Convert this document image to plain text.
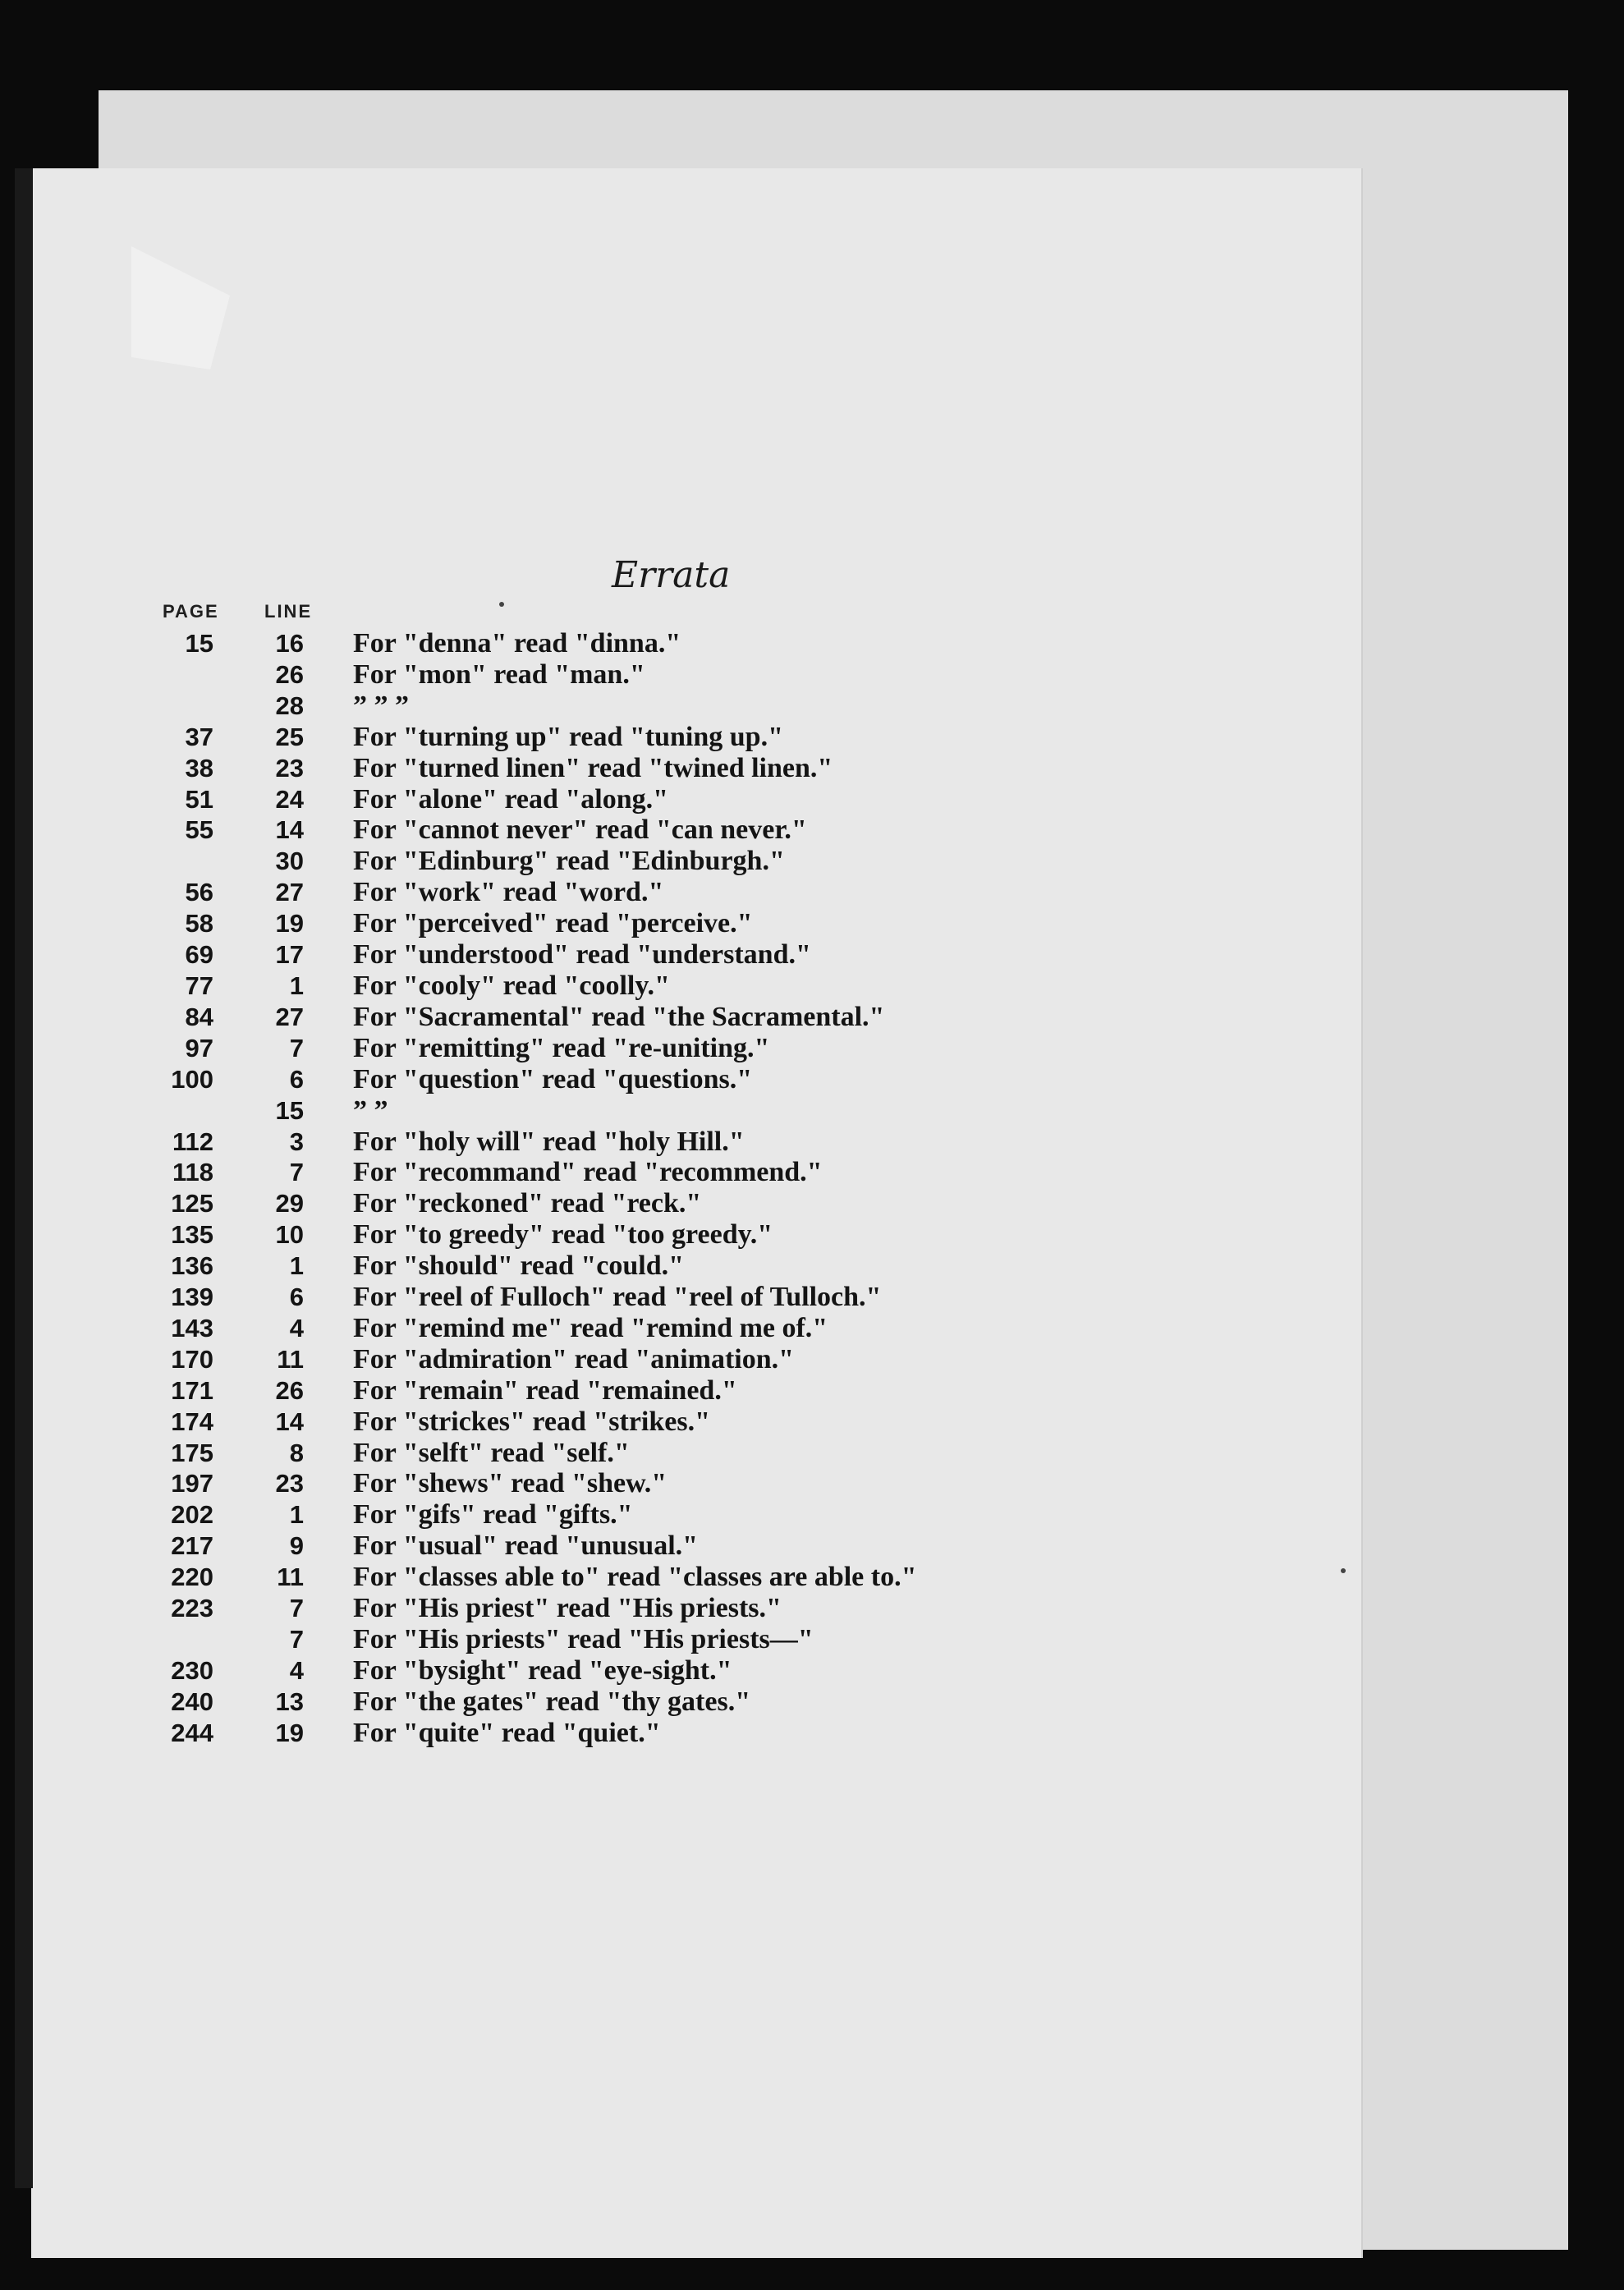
Errata
PAGE	LINE
15	16		For "denna" read "dinna."
	26		For "mon" read "man."
	28		” ” ”
37	25		For "turning up" read "tuning up."
38	23		For "turned linen" read "twined linen."
51	24		For "alone" read "along."
55	14		For "cannot never" read "can never."
	30		For "Edinburg" read "Edinburgh."
56	27		For "work" read "word."
58	19		For "perceived" read "perceive."
69	17		For "understood" read "understand."
77	1		For "cooly" read "coolly."
84	27		For "Sacramental" read "the Sacramental."
97	7		For "remitting" read "re-uniting."
100	6		For "question" read "questions."
	15		” ”
112	3		For "holy will" read "holy Hill."
118	7		For "recommand" read "recommend."
125	29		For "reckoned" read "reck."
135	10		For "to greedy" read "too greedy."
136	1		For "should" read "could."
139	6		For "reel of Fulloch" read "reel of Tulloch."
143	4		For "remind me" read "remind me of."
170	11		For "admiration" read "animation."
171	26		For "remain" read "remained."
174	14		For "strickes" read "strikes."
175	8		For "selft" read "self."
197	23		For "shews" read "shew."
202	1		For "gifs" read "gifts."
217	9		For "usual" read "unusual."
220	11		For "classes able to" read "classes are able to."
223	7		For "His priest" read "His priests."
	7		For "His priests" read "His priests—"
230	4		For "bysight" read "eye-sight."
240	13		For "the gates" read "thy gates."
244	19		For "quite" read "quiet."
